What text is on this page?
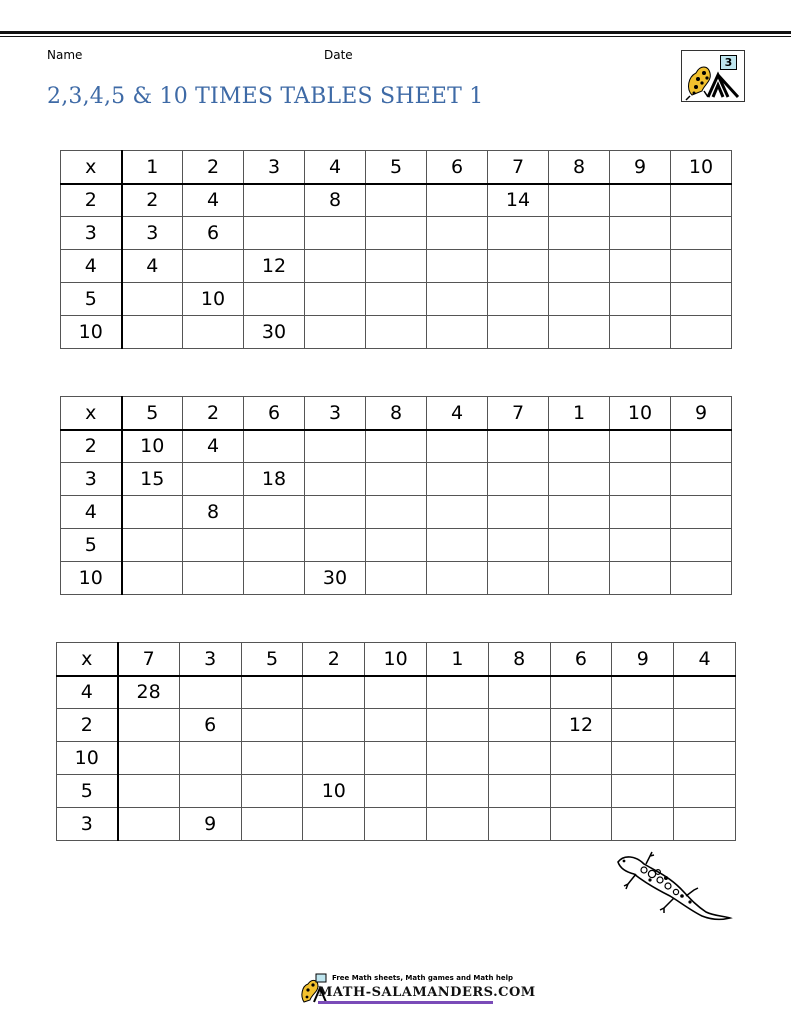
Name	Date
2,3,4,5 & 10 TIMES TABLES SHEET 1
3
x	1	2	3	4	5	6	7	8	9	10
2	2	4		8			14			
3	3	6								
4	4		12							
5		10								
10			30							
x	5	2	6	3	8	4	7	1	10	9
2	10	4								
3	15		18							
4		8								
5										
10				30						
x	7	3	5	2	10	1	8	6	9	4
4	28									
2		6						12		
10										
5				10						
3		9								
Free Math sheets, Math games and Math help
MATH-SALAMANDERS.COM
